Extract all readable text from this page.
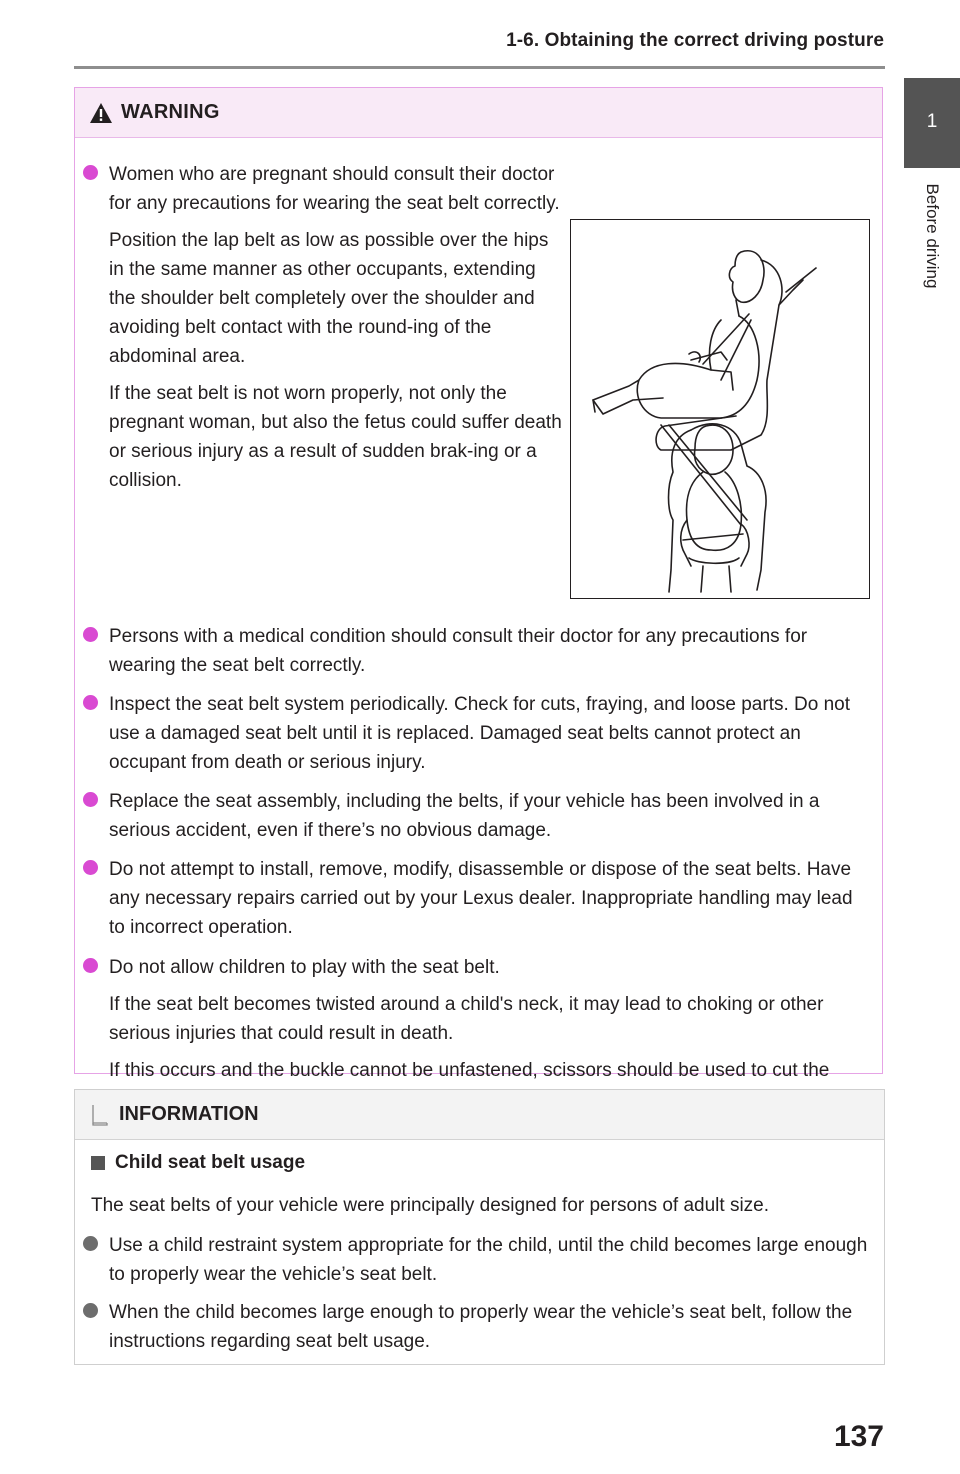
1-6. Obtaining the correct driving posture
1
Before driving
WARNING
Women who are pregnant should consult their doctor for any precautions for wearing the seat belt correctly.
Position the lap belt as low as possible over the hips in the same manner as other occupants, extending the shoulder belt completely over the shoulder and avoiding belt contact with the round-ing of the abdominal area.
If the seat belt is not worn properly, not only the pregnant woman, but also the fetus could suffer death or serious injury as a result of sudden brak-ing or a collision.
Persons with a medical condition should consult their doctor for any precautions for wearing the seat belt correctly.
Inspect the seat belt system periodically. Check for cuts, fraying, and loose parts. Do not use a damaged seat belt until it is replaced. Damaged seat belts cannot protect an occupant from death or serious injury.
Replace the seat assembly, including the belts, if your vehicle has been involved in a serious accident, even if there’s no obvious damage.
Do not attempt to install, remove, modify, disassemble or dispose of the seat belts. Have any necessary repairs carried out by your Lexus dealer. Inappropriate handling may lead to incorrect operation.
Do not allow children to play with the seat belt.
If the seat belt becomes twisted around a child's neck, it may lead to choking or other serious injuries that could result in death.
If this occurs and the buckle cannot be unfastened, scissors should be used to cut the
INFORMATION
Child seat belt usage
The seat belts of your vehicle were principally designed for persons of adult size.
Use a child restraint system appropriate for the child, until the child becomes large enough to properly wear the vehicle’s seat belt.
When the child becomes large enough to properly wear the vehicle’s seat belt, follow the instructions regarding seat belt usage.
137
